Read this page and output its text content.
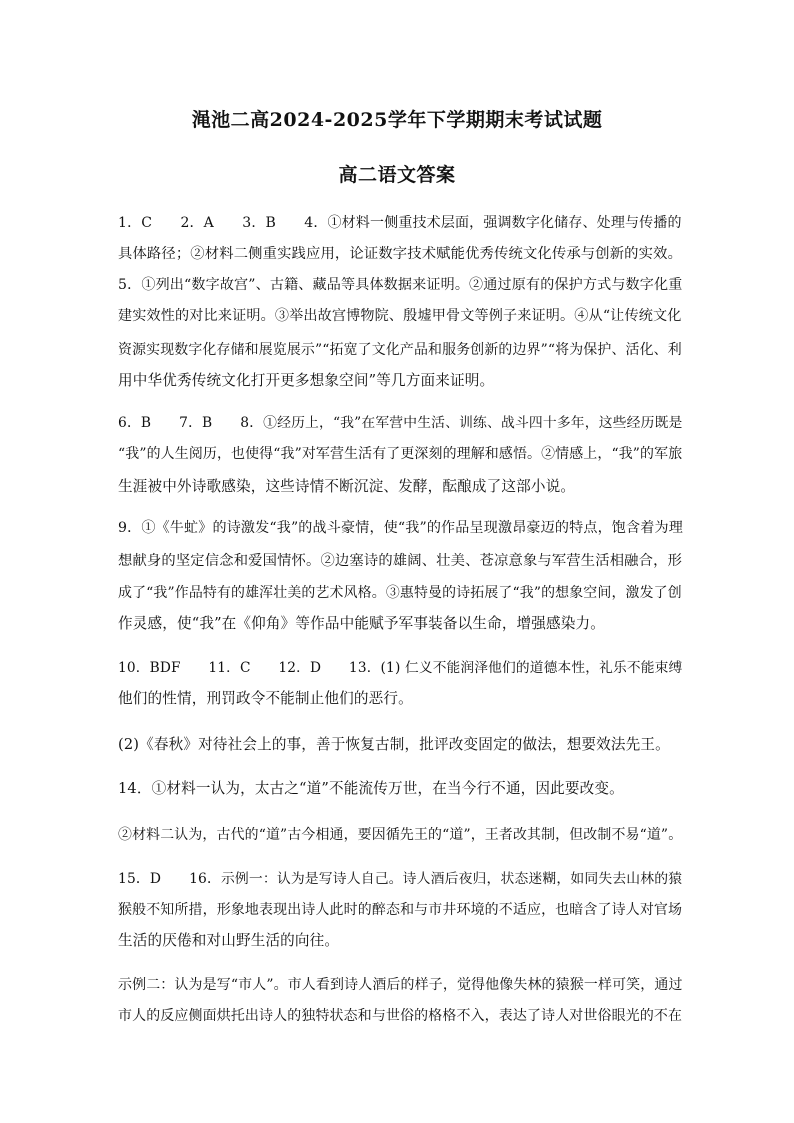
渑池二高2024-2025学年下学期期末考试试题
高二语文答案
1．C　　2．A　　3．B　　4．①材料一侧重技术层面，强调数字化储存、处理与传播的
具体路径；②材料二侧重实践应用，论证数字技术赋能优秀传统文化传承与创新的实效。
5．①列出“数字故宫”、古籍、藏品等具体数据来证明。②通过原有的保护方式与数字化重
建实效性的对比来证明。③举出故宫博物院、殷墟甲骨文等例子来证明。④从“让传统文化
资源实现数字化存储和展览展示”“拓宽了文化产品和服务创新的边界”“将为保护、活化、利
用中华优秀传统文化打开更多想象空间”等几方面来证明。
6．B　　7．B　　8．①经历上，“我”在军营中生活、训练、战斗四十多年，这些经历既是
“我”的人生阅历，也使得“我”对军营生活有了更深刻的理解和感悟。②情感上，“我”的军旅
生涯被中外诗歌感染，这些诗情不断沉淀、发酵，酝酿成了这部小说。
9．①《牛虻》的诗激发“我”的战斗豪情，使“我”的作品呈现激昂豪迈的特点，饱含着为理
想献身的坚定信念和爱国情怀。②边塞诗的雄阔、壮美、苍凉意象与军营生活相融合，形
成了“我”作品特有的雄浑壮美的艺术风格。③惠特曼的诗拓展了“我”的想象空间，激发了创
作灵感，使“我”在《仰角》等作品中能赋予军事装备以生命，增强感染力。
10．BDF　　11．C　　12．D　　13．(1) 仁义不能润泽他们的道德本性，礼乐不能束缚
他们的性情，刑罚政令不能制止他们的恶行。
(2)《春秋》对待社会上的事，善于恢复古制，批评改变固定的做法，想要效法先王。
14．①材料一认为，太古之“道”不能流传万世，在当今行不通，因此要改变。
②材料二认为，古代的“道”古今相通，要因循先王的“道”，王者改其制，但改制不易“道”。
15．D　　16．示例一：认为是写诗人自己。诗人酒后夜归，状态迷糊，如同失去山林的猿
猴般不知所措，形象地表现出诗人此时的醉态和与市井环境的不适应，也暗含了诗人对官场
生活的厌倦和对山野生活的向往。
示例二：认为是写“市人”。市人看到诗人酒后的样子，觉得他像失林的猿猴一样可笑，通过
市人的反应侧面烘托出诗人的独特状态和与世俗的格格不入，表达了诗人对世俗眼光的不在
